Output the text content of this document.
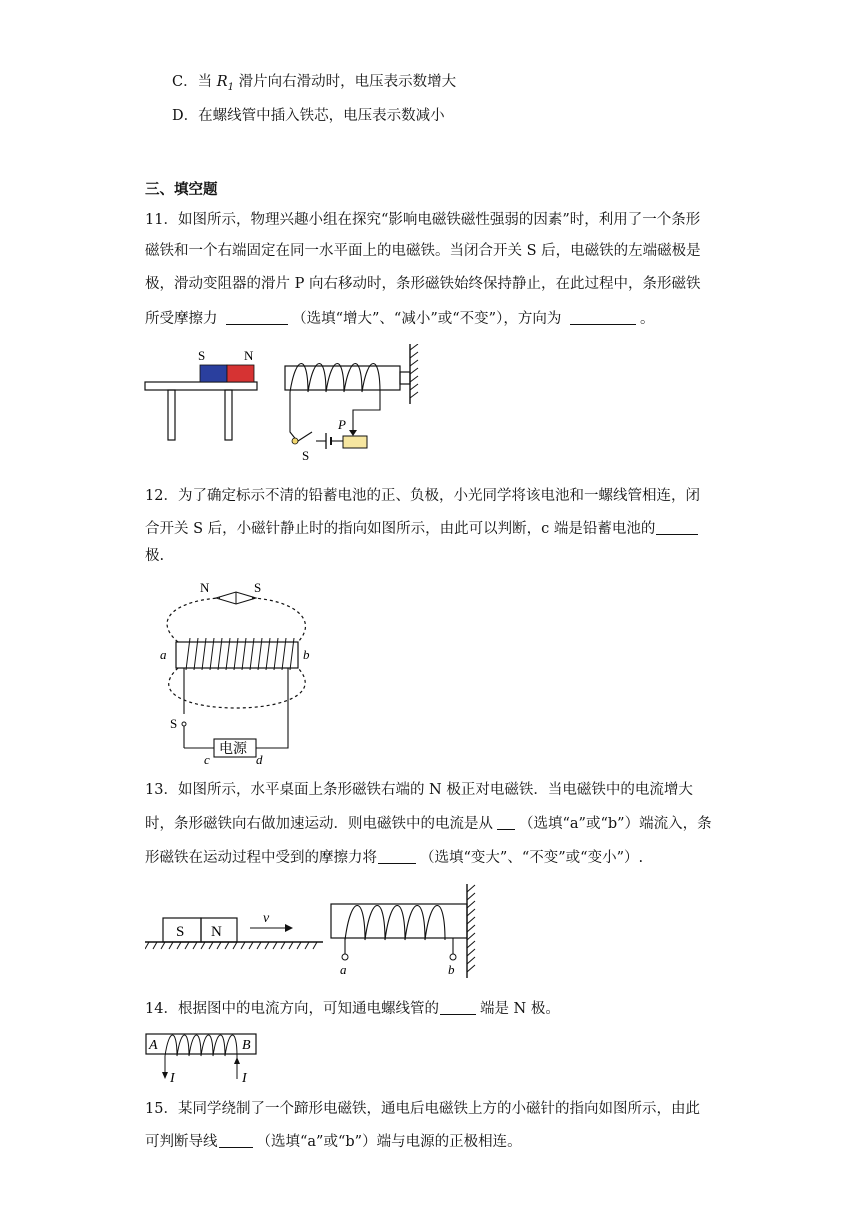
C．当 $R_1$ 滑片向右滑动时，电压表示数增大
D．在螺线管中插入铁芯，电压表示数减小
三、填空题
11．如图所示，物理兴趣小组在探究“影响电磁铁磁性强弱的因素”时，利用了一个条形
磁铁和一个右端固定在同一水平面上的电磁铁。当闭合开关 S 后，电磁铁的左端磁极是
极，滑动变阻器的滑片 P 向右移动时，条形磁铁始终保持静止，在此过程中，条形磁铁
所受摩擦力	（选填“增大”、“减小”或“不变”），方向为	。
S	N
P
S
12．为了确定标示不清的铅蓄电池的正、负极，小光同学将该电池和一螺线管相连，闭
合开关 S 后，小磁针静止时的指向如图所示，由此可以判断，c 端是铅蓄电池的
极.
N	S
a	b
S
电源
c	d
13．如图所示，水平桌面上条形磁铁右端的 N 极正对电磁铁．当电磁铁中的电流增大
时，条形磁铁向右做加速运动．则电磁铁中的电流是从 （选填“a”或“b”）端流入，条
形磁铁在运动过程中受到的摩擦力将	（选填“变大”、“不变”或“变小”）.
S N
v
a	b
14．根据图中的电流方向，可知通电螺线管的	端是 N 极。
A	B
I	I
15．某同学绕制了一个蹄形电磁铁，通电后电磁铁上方的小磁针的指向如图所示，由此
可判断导线	（选填“a”或“b”）端与电源的正极相连。
